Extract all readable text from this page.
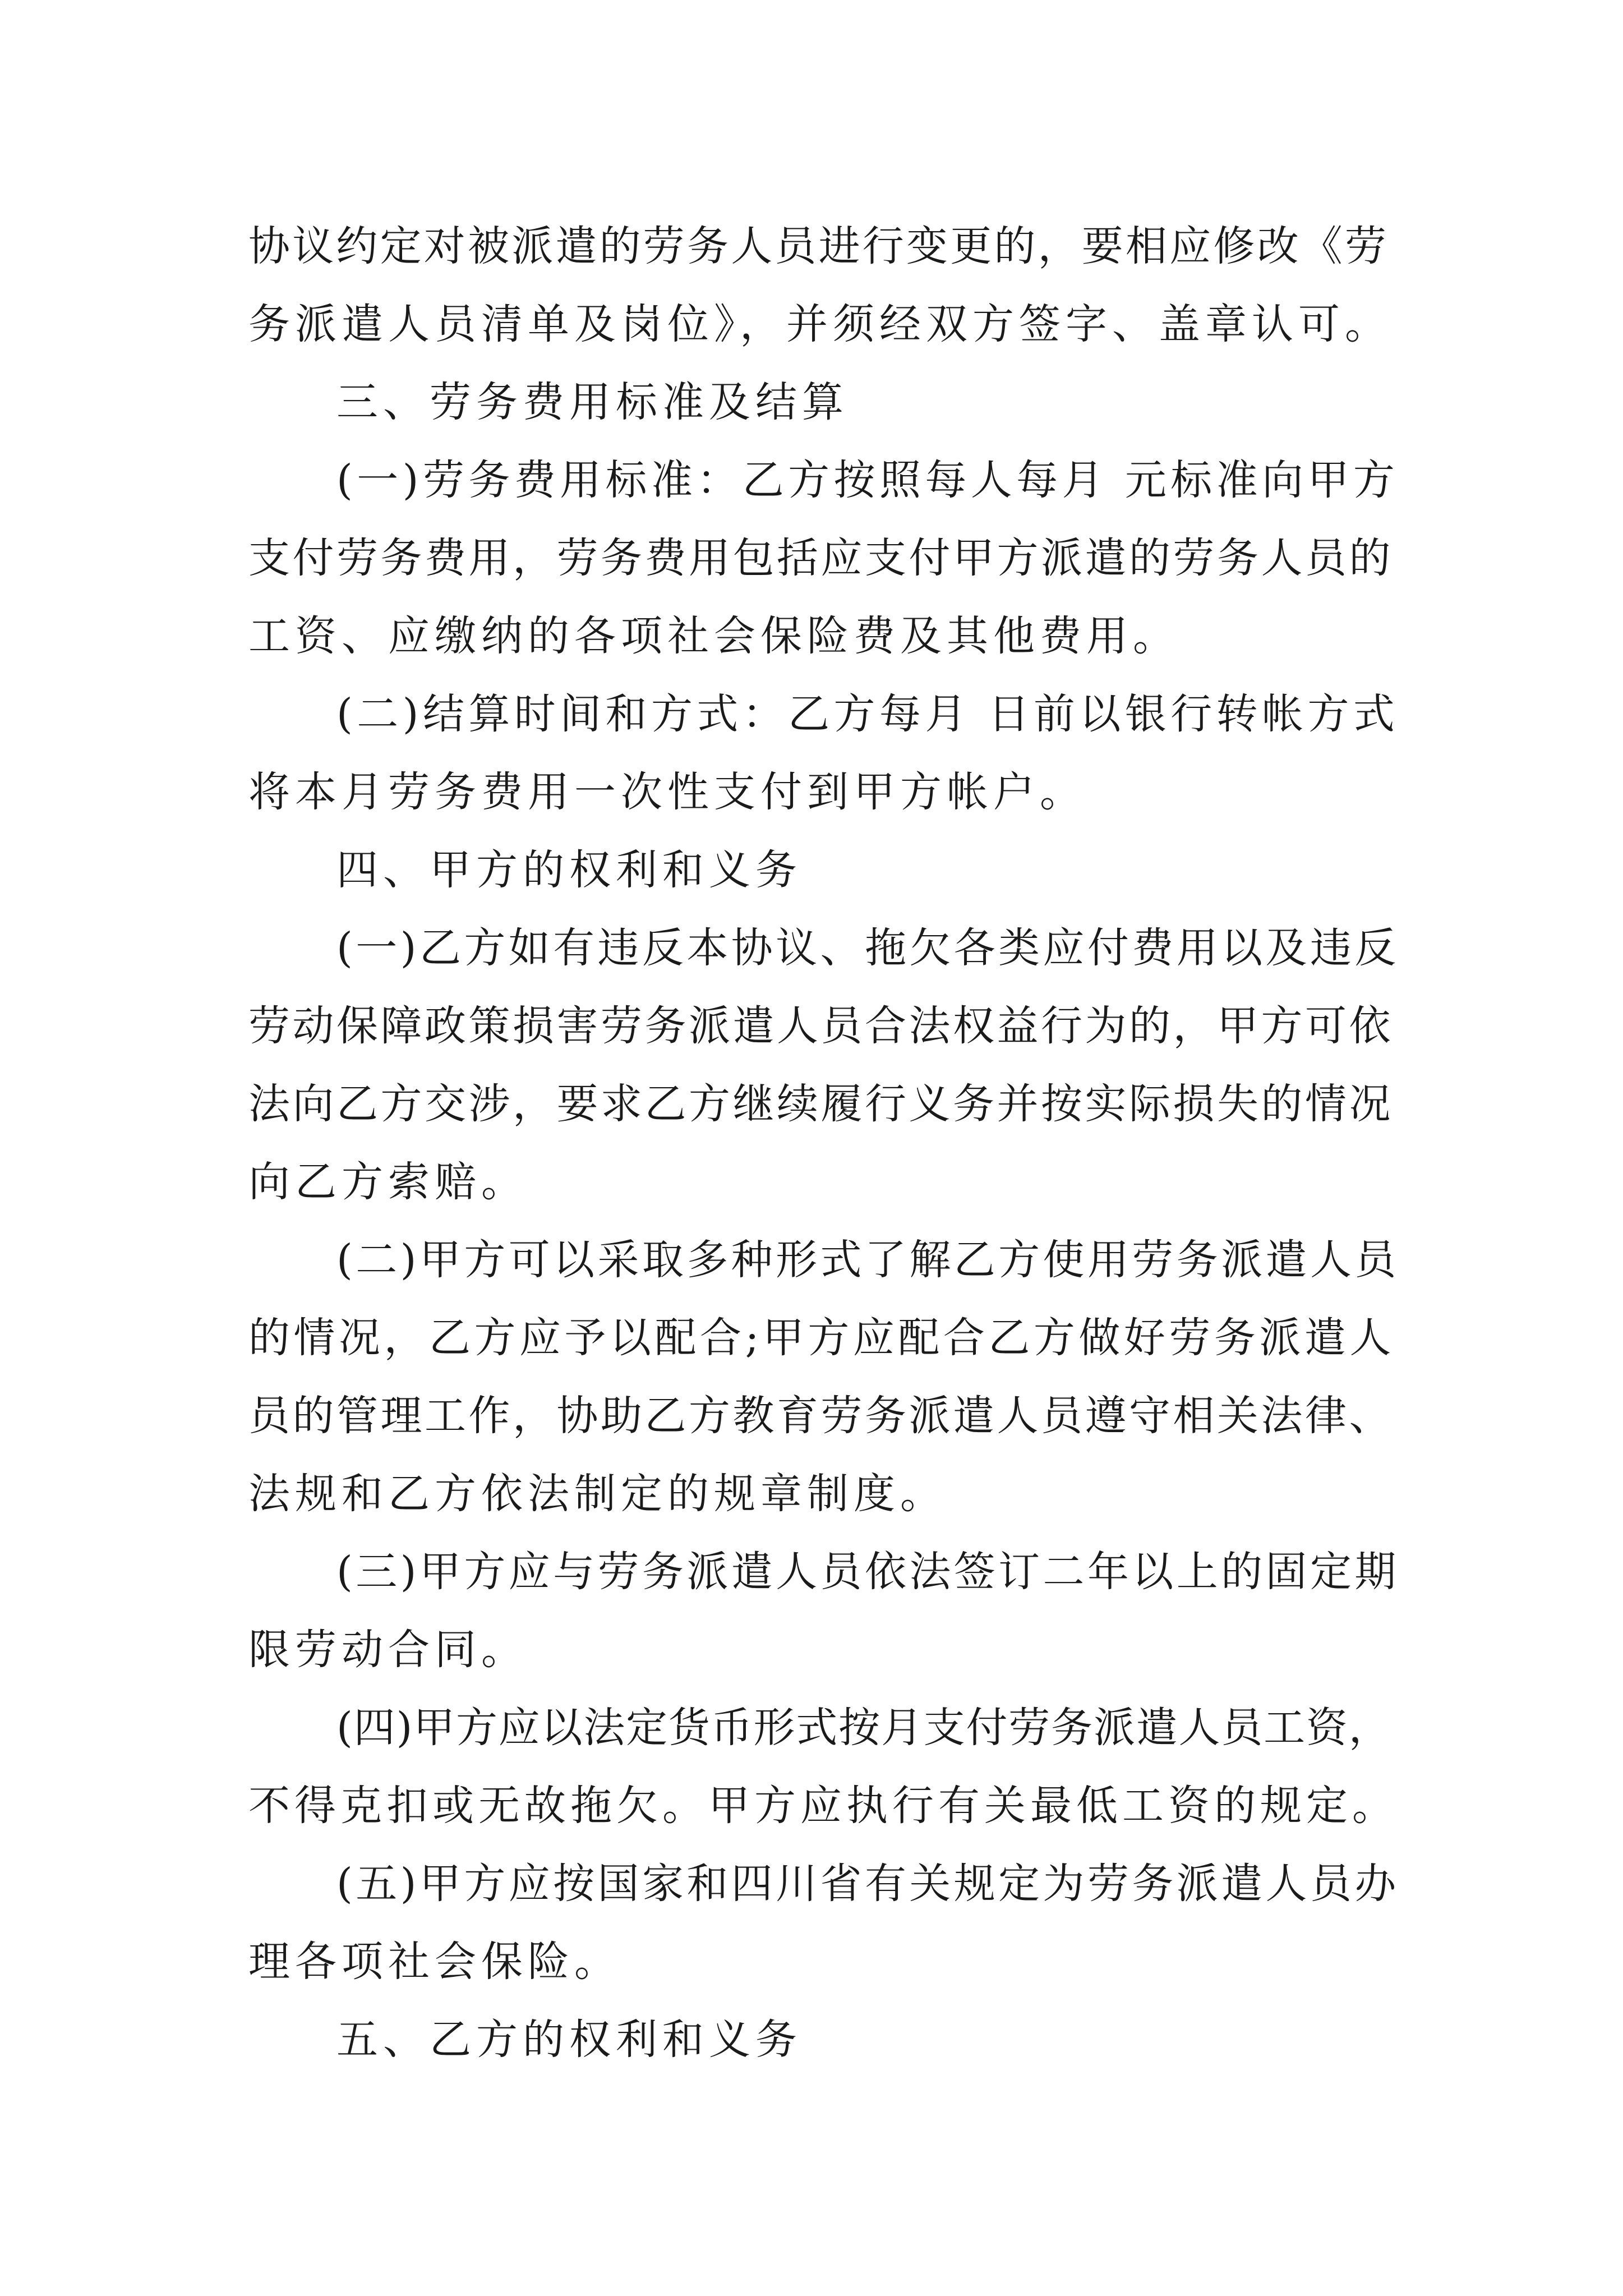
协议约定对被派遣的劳务人员进行变更的，要相应修改《劳
务派遣人员清单及岗位》，并须经双方签字、盖章认可。
三、劳务费用标准及结算
(一)劳务费用标准：乙方按照每人每月 元标准向甲方
支付劳务费用，劳务费用包括应支付甲方派遣的劳务人员的
工资、应缴纳的各项社会保险费及其他费用。
(二)结算时间和方式：乙方每月 日前以银行转帐方式
将本月劳务费用一次性支付到甲方帐户。
四、甲方的权利和义务
(一)乙方如有违反本协议、拖欠各类应付费用以及违反
劳动保障政策损害劳务派遣人员合法权益行为的，甲方可依
法向乙方交涉，要求乙方继续履行义务并按实际损失的情况
向乙方索赔。
(二)甲方可以采取多种形式了解乙方使用劳务派遣人员
的情况，乙方应予以配合;甲方应配合乙方做好劳务派遣人
员的管理工作，协助乙方教育劳务派遣人员遵守相关法律、
法规和乙方依法制定的规章制度。
(三)甲方应与劳务派遣人员依法签订二年以上的固定期
限劳动合同。
(四)甲方应以法定货币形式按月支付劳务派遣人员工资，
不得克扣或无故拖欠。甲方应执行有关最低工资的规定。
(五)甲方应按国家和四川省有关规定为劳务派遣人员办
理各项社会保险。
五、乙方的权利和义务
